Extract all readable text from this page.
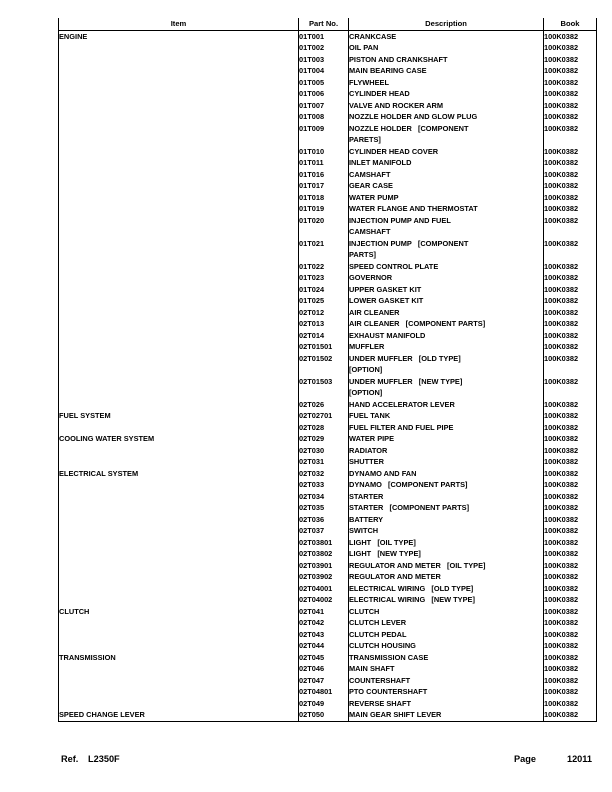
Item	Part No.	Description	Book
ENGINE	01T001	CRANKCASE	100K0382
	01T002	OIL PAN	100K0382
	01T003	PISTON AND CRANKSHAFT	100K0382
	01T004	MAIN BEARING CASE	100K0382
	01T005	FLYWHEEL	100K0382
	01T006	CYLINDER HEAD	100K0382
	01T007	VALVE AND ROCKER ARM	100K0382
	01T008	NOZZLE HOLDER AND GLOW PLUG	100K0382
	01T009	NOZZLE HOLDER   [COMPONENT
PARETS]	100K0382
	01T010	CYLINDER HEAD COVER	100K0382
	01T011	INLET MANIFOLD	100K0382
	01T016	CAMSHAFT	100K0382
	01T017	GEAR CASE	100K0382
	01T018	WATER PUMP	100K0382
	01T019	WATER FLANGE AND THERMOSTAT	100K0382
	01T020	INJECTION PUMP AND FUEL
CAMSHAFT	100K0382
	01T021	INJECTION PUMP   [COMPONENT
PARTS]	100K0382
	01T022	SPEED CONTROL PLATE	100K0382
	01T023	GOVERNOR	100K0382
	01T024	UPPER GASKET KIT	100K0382
	01T025	LOWER GASKET KIT	100K0382
	02T012	AIR CLEANER	100K0382
	02T013	AIR CLEANER   [COMPONENT PARTS]	100K0382
	02T014	EXHAUST MANIFOLD	100K0382
	02T01501	MUFFLER	100K0382
	02T01502	UNDER MUFFLER   [OLD TYPE]
[OPTION]	100K0382
	02T01503	UNDER MUFFLER   [NEW TYPE]
[OPTION]	100K0382
	02T026	HAND ACCELERATOR LEVER	100K0382
FUEL SYSTEM	02T02701	FUEL TANK	100K0382
	02T028	FUEL FILTER AND FUEL PIPE	100K0382
COOLING WATER SYSTEM	02T029	WATER PIPE	100K0382
	02T030	RADIATOR	100K0382
	02T031	SHUTTER	100K0382
ELECTRICAL SYSTEM	02T032	DYNAMO AND FAN	100K0382
	02T033	DYNAMO   [COMPONENT PARTS]	100K0382
	02T034	STARTER	100K0382
	02T035	STARTER   [COMPONENT PARTS]	100K0382
	02T036	BATTERY	100K0382
	02T037	SWITCH	100K0382
	02T03801	LIGHT   [OIL TYPE]	100K0382
	02T03802	LIGHT   [NEW TYPE]	100K0382
	02T03901	REGULATOR AND METER   [OIL TYPE]	100K0382
	02T03902	REGULATOR AND METER	100K0382
	02T04001	ELECTRICAL WIRING   [OLD TYPE]	100K0382
	02T04002	ELECTRICAL WIRING   [NEW TYPE]	100K0382
CLUTCH	02T041	CLUTCH	100K0382
	02T042	CLUTCH LEVER	100K0382
	02T043	CLUTCH PEDAL	100K0382
	02T044	CLUTCH HOUSING	100K0382
TRANSMISSION	02T045	TRANSMISSION CASE	100K0382
	02T046	MAIN SHAFT	100K0382
	02T047	COUNTERSHAFT	100K0382
	02T04801	PTO COUNTERSHAFT	100K0382
	02T049	REVERSE SHAFT	100K0382
SPEED CHANGE LEVER	02T050	MAIN GEAR SHIFT LEVER	100K0382
Ref. L2350F	Page	12011
